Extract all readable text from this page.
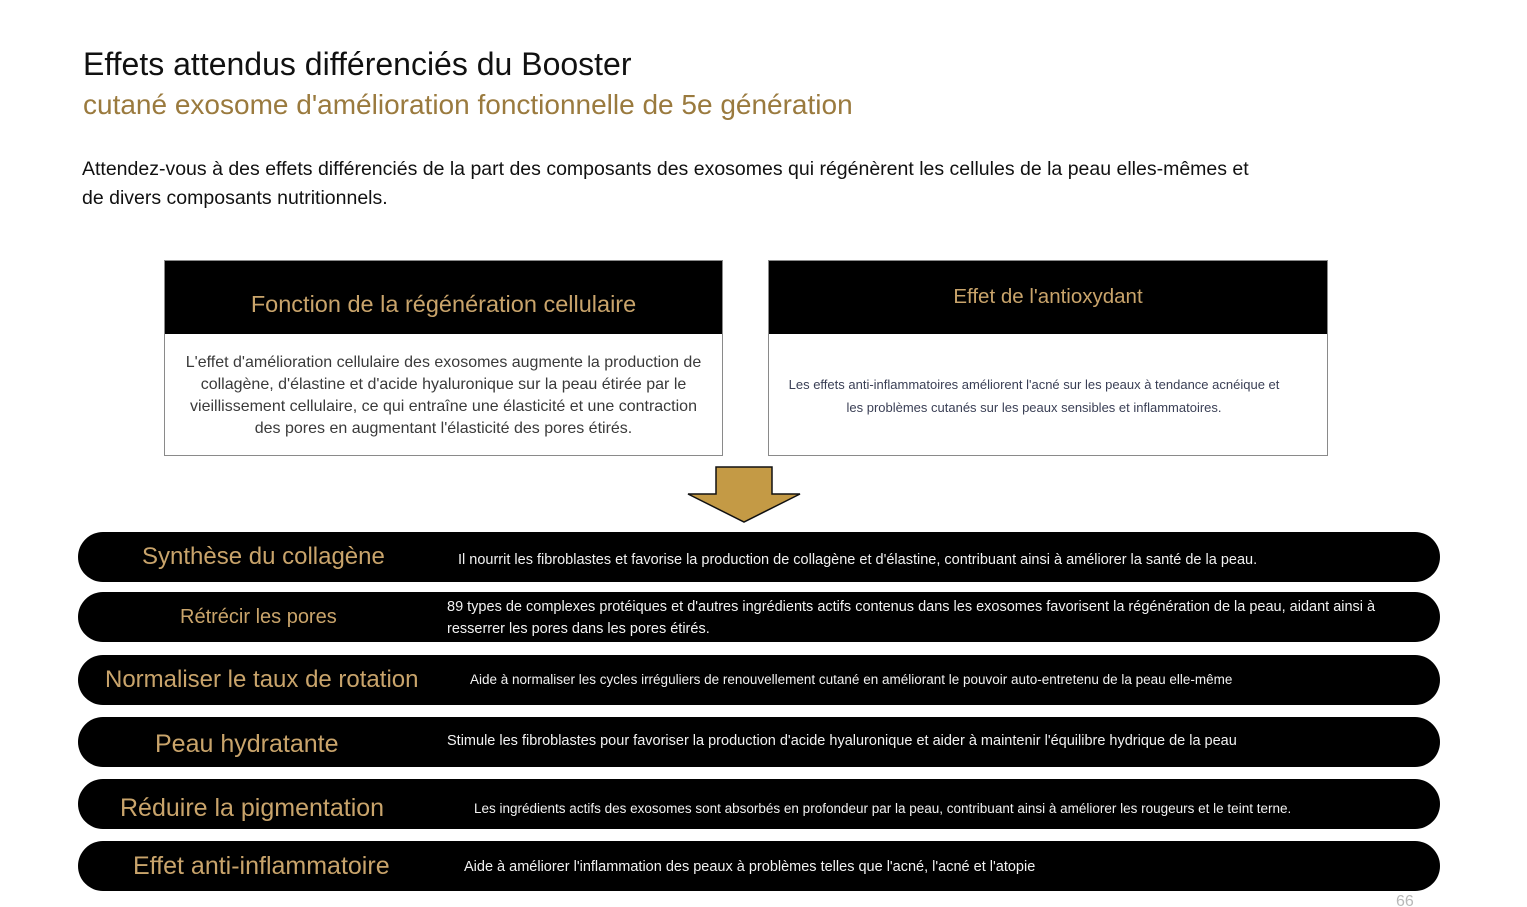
Effets attendus différenciés du Booster
cutané exosome d'amélioration fonctionnelle de 5e génération
Attendez-vous à des effets différenciés de la part des composants des exosomes qui régénèrent les cellules de la peau elles-mêmes et de divers composants nutritionnels.
Fonction de la régénération cellulaire
L'effet d'amélioration cellulaire des exosomes augmente la production de collagène, d'élastine et d'acide hyaluronique sur la peau étirée par le vieillissement cellulaire, ce qui entraîne une élasticité et une contraction des pores en augmentant l'élasticité des pores étirés.
Effet de l'antioxydant
Les effets anti-inflammatoires améliorent l'acné sur les peaux à tendance acnéique et les problèmes cutanés sur les peaux sensibles et inflammatoires.
Synthèse du collagène	Il nourrit les fibroblastes et favorise la production de collagène et d'élastine, contribuant ainsi à améliorer la santé de la peau.
Rétrécir les pores	89 types de complexes protéiques et d'autres ingrédients actifs contenus dans les exosomes favorisent la régénération de la peau, aidant ainsi à resserrer les pores dans les pores étirés.
Normaliser le taux de rotation	Aide à normaliser les cycles irréguliers de renouvellement cutané en améliorant le pouvoir auto-entretenu de la peau elle-même
Peau hydratante	Stimule les fibroblastes pour favoriser la production d'acide hyaluronique et aider à maintenir l'équilibre hydrique de la peau
Réduire la pigmentation	Les ingrédients actifs des exosomes sont absorbés en profondeur par la peau, contribuant ainsi à améliorer les rougeurs et le teint terne.
Effet anti-inflammatoire	Aide à améliorer l'inflammation des peaux à problèmes telles que l'acné, l'acné et l'atopie
66
